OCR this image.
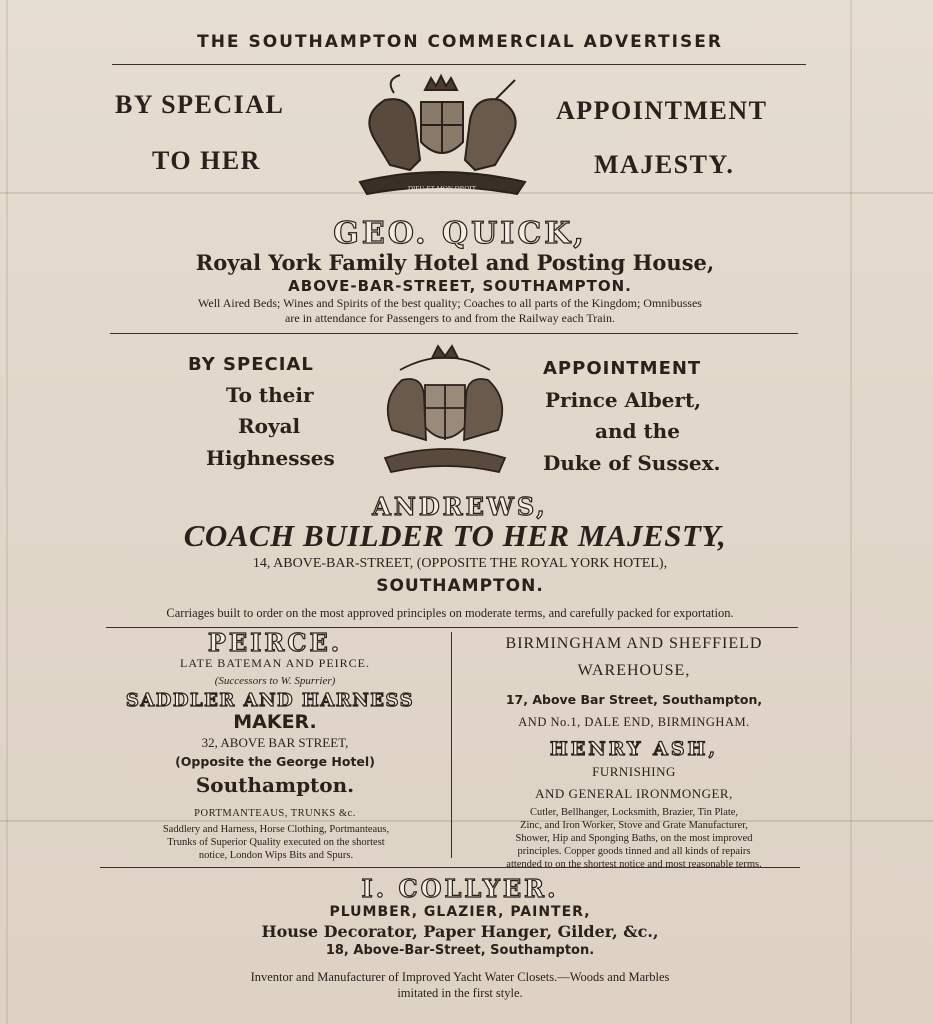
THE SOUTHAMPTON COMMERCIAL ADVERTISER
BY SPECIAL
TO HER
APPOINTMENT
MAJESTY.
DIEU ET MON DROIT
GEO. QUICK,
Royal York Family Hotel and Posting House,
ABOVE-BAR-STREET, SOUTHAMPTON.
Well Aired Beds; Wines and Spirits of the best quality; Coaches to all parts of the Kingdom; Omnibusses
are in attendance for Passengers to and from the Railway each Train.
BY SPECIAL
To their
Royal
Highnesses
APPOINTMENT
Prince Albert,
and the
Duke of Sussex.
ANDREWS,
COACH BUILDER TO HER MAJESTY,
14, ABOVE-BAR-STREET, (OPPOSITE THE ROYAL YORK HOTEL),
SOUTHAMPTON.
Carriages built to order on the most approved principles on moderate terms, and carefully packed for exportation.
PEIRCE.
LATE BATEMAN AND PEIRCE.
(Successors to W. Spurrier)
SADDLER AND HARNESS
MAKER.
32, ABOVE BAR STREET,
(Opposite the George Hotel)
Southampton.
PORTMANTEAUS, TRUNKS &c.
Saddlery and Harness, Horse Clothing, Portmanteaus,
Trunks of Superior Quality executed on the shortest
notice, London Wips Bits and Spurs.
BIRMINGHAM AND SHEFFIELD
WAREHOUSE,
17, Above Bar Street, Southampton,
AND No.1, DALE END, BIRMINGHAM.
HENRY ASH,
FURNISHING
AND GENERAL IRONMONGER,
Cutler, Bellhanger, Locksmith, Brazier, Tin Plate,
Zinc, and Iron Worker, Stove and Grate Manufacturer,
Shower, Hip and Sponging Baths, on the most improved
principles. Copper goods tinned and all kinds of repairs
attended to on the shortest notice and most reasonable terms.
I. COLLYER.
PLUMBER, GLAZIER, PAINTER,
House Decorator, Paper Hanger, Gilder, &c.,
18, Above-Bar-Street, Southampton.
Inventor and Manufacturer of Improved Yacht Water Closets.—Woods and Marbles
imitated in the first style.
